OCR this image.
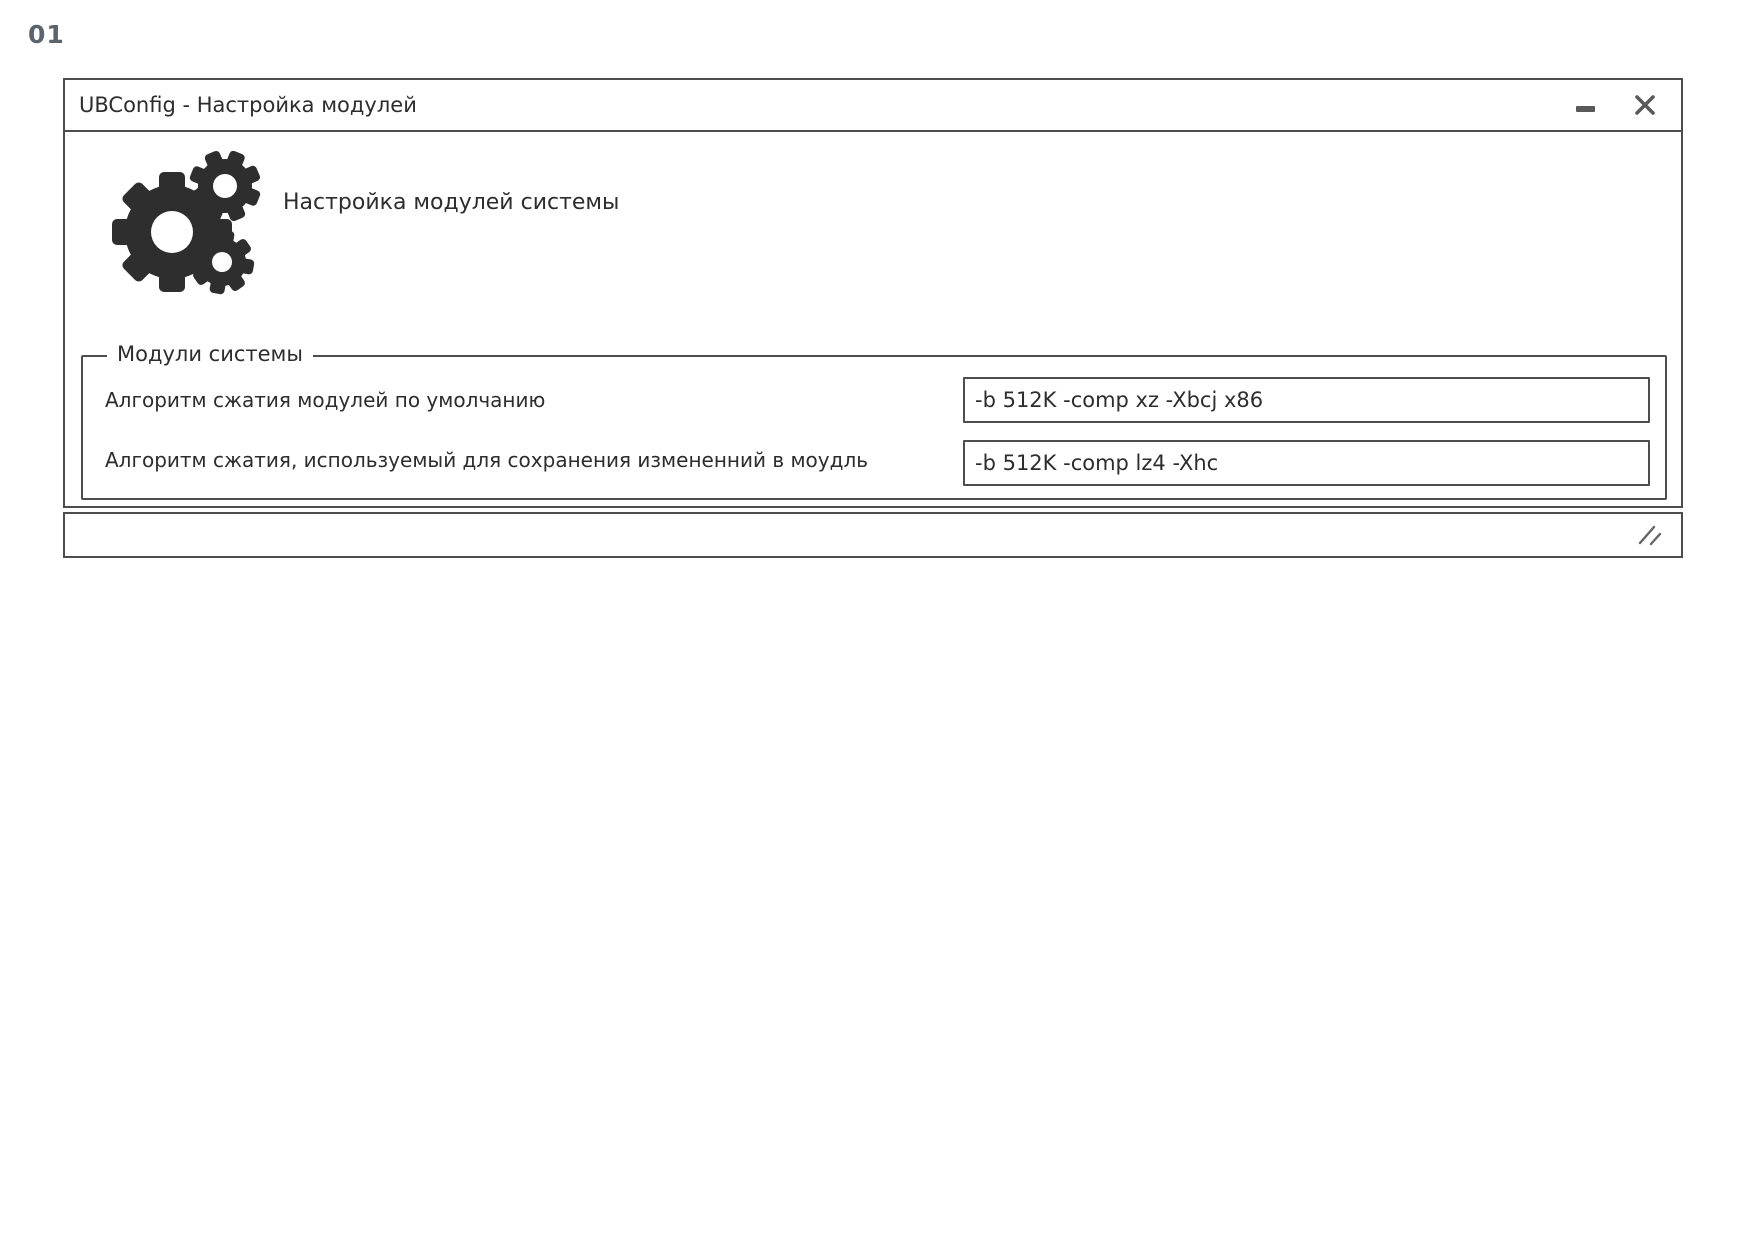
01
UBConfig - Настройка модулей
Настройка модулей системы
Модули системы
Алгоритм сжатия модулей по умолчанию
-b 512K -comp xz -Xbcj x86
Алгоритм сжатия, используемый для сохранения измененний в моудль
-b 512K -comp lz4 -Xhc
